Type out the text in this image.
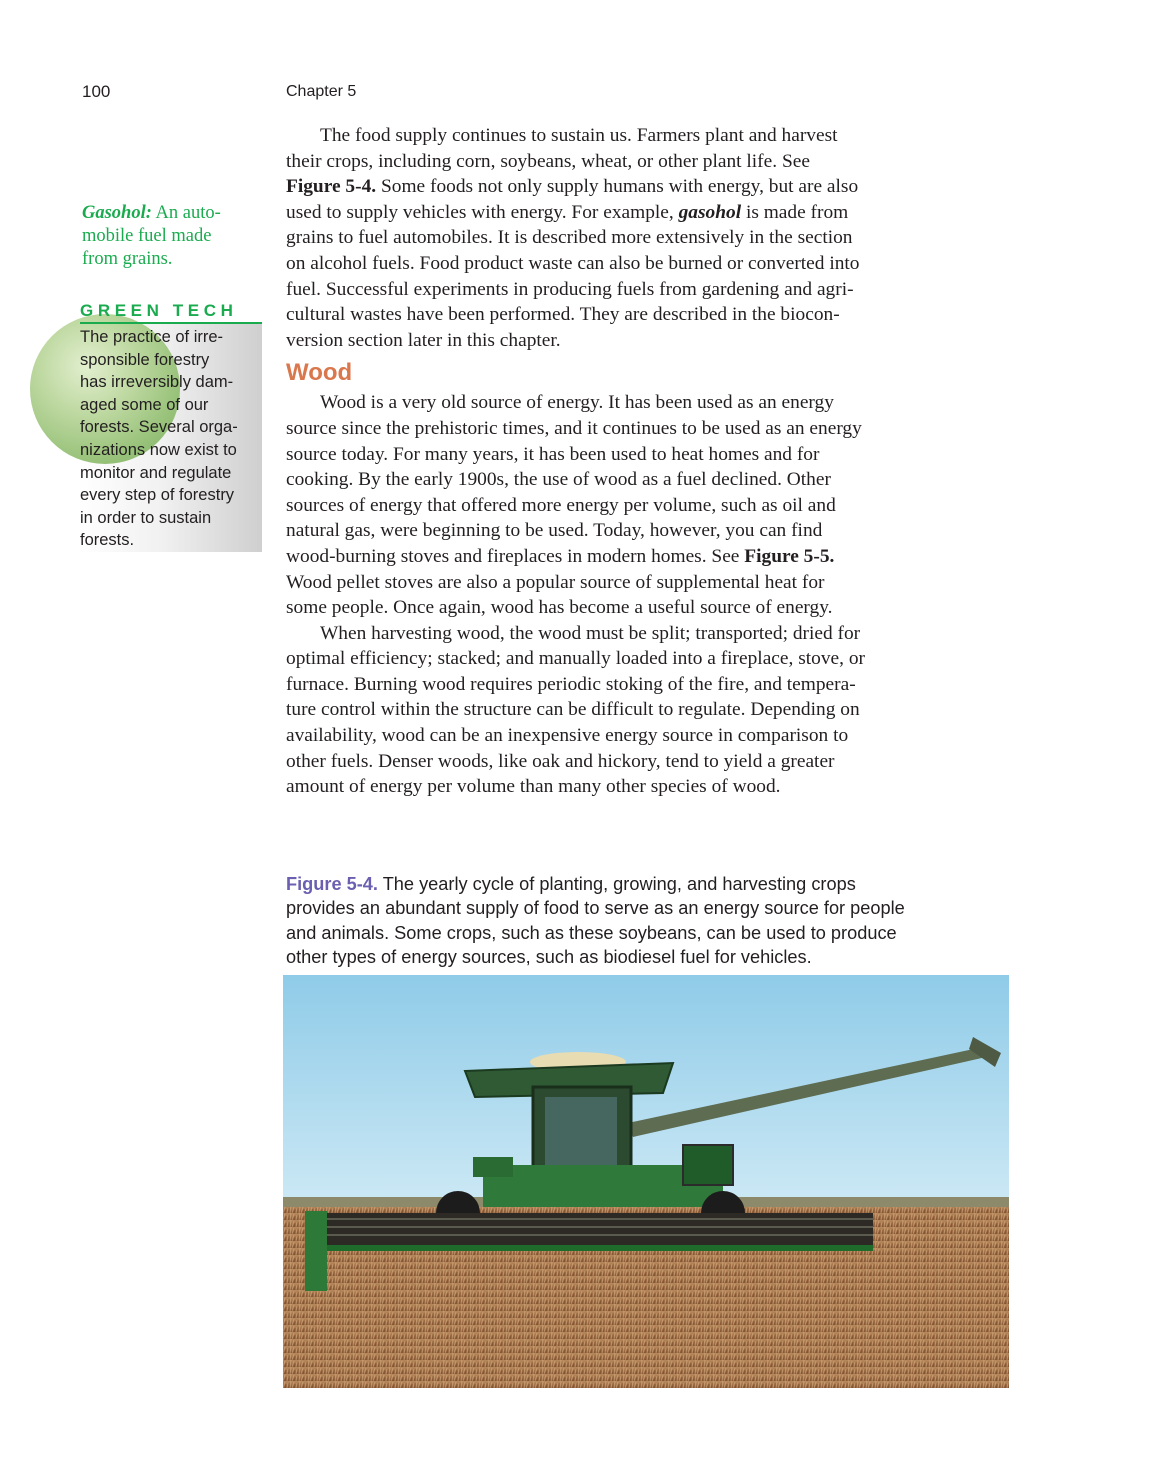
100	Chapter 5
Gasohol: An auto-
mobile fuel made
from grains.
GREEN TECH
The practice of irre-
sponsible forestry
has irreversibly dam-
aged some of our
forests. Several orga-
nizations now exist to
monitor and regulate
every step of forestry
in order to sustain
forests.
The food supply continues to sustain us. Farmers plant and harvest
their crops, including corn, soybeans, wheat, or other plant life. See
Figure 5-4. Some foods not only supply humans with energy, but are also
used to supply vehicles with energy. For example, gasohol is made from
grains to fuel automobiles. It is described more extensively in the section
on alcohol fuels. Food product waste can also be burned or converted into
fuel. Successful experiments in producing fuels from gardening and agri-
cultural wastes have been performed. They are described in the biocon-
version section later in this chapter.
Wood
Wood is a very old source of energy. It has been used as an energy
source since the prehistoric times, and it continues to be used as an energy
source today. For many years, it has been used to heat homes and for
cooking. By the early 1900s, the use of wood as a fuel declined. Other
sources of energy that offered more energy per volume, such as oil and
natural gas, were beginning to be used. Today, however, you can find
wood-burning stoves and fireplaces in modern homes. See Figure 5-5.
Wood pellet stoves are also a popular source of supplemental heat for
some people. Once again, wood has become a useful source of energy.
When harvesting wood, the wood must be split; transported; dried for
optimal efficiency; stacked; and manually loaded into a fireplace, stove, or
furnace. Burning wood requires periodic stoking of the fire, and tempera-
ture control within the structure can be difficult to regulate. Depending on
availability, wood can be an inexpensive energy source in comparison to
other fuels. Denser woods, like oak and hickory, tend to yield a greater
amount of energy per volume than many other species of wood.
Figure 5-4. The yearly cycle of planting, growing, and harvesting crops
provides an abundant supply of food to serve as an energy source for people
and animals. Some crops, such as these soybeans, can be used to produce
other types of energy sources, such as biodiesel fuel for vehicles.
